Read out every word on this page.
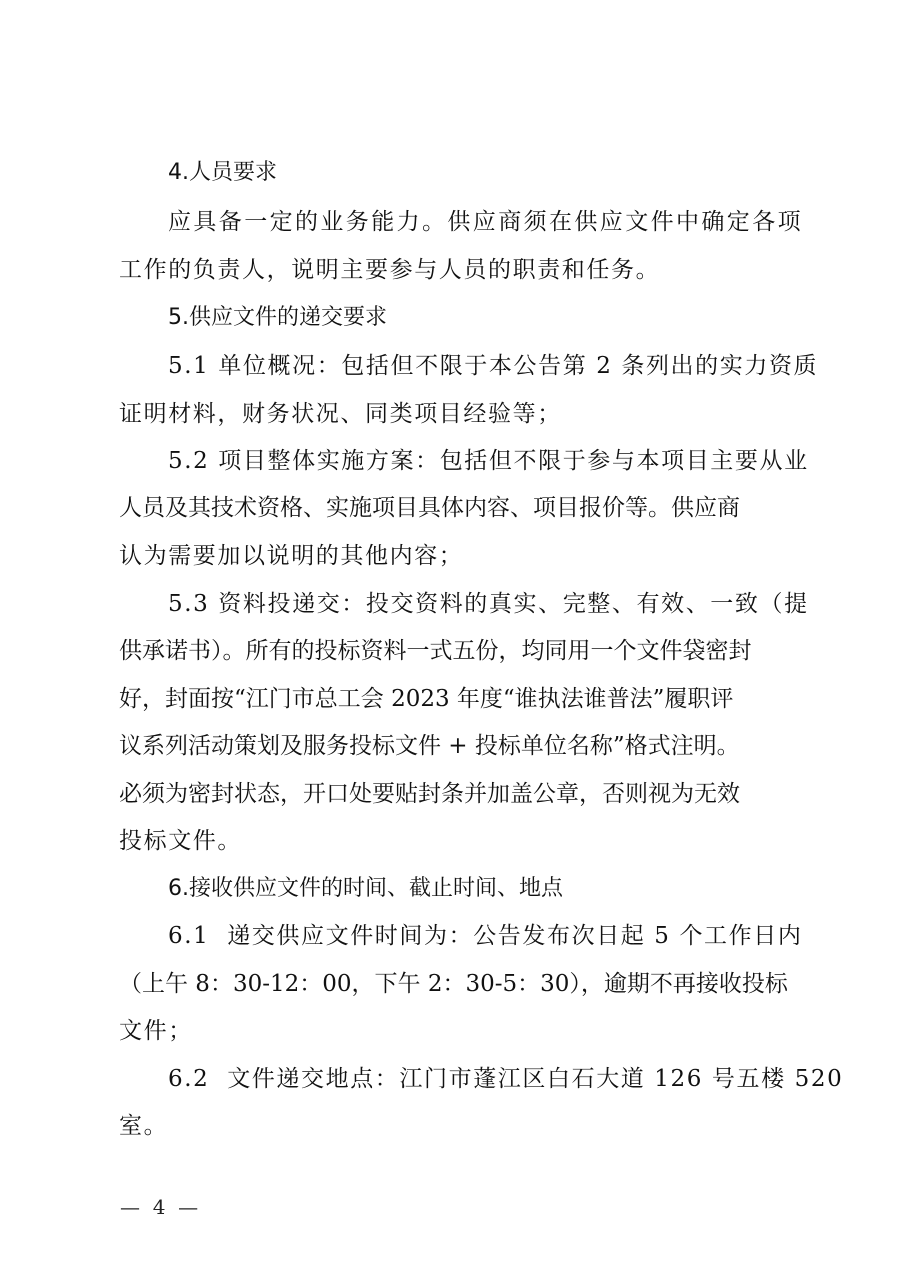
4.人员要求
应具备一定的业务能力。供应商须在供应文件中确定各项
工作的负责人，说明主要参与人员的职责和任务。
5.供应文件的递交要求
5.1 单位概况：包括但不限于本公告第 2 条列出的实力资质
证明材料，财务状况、同类项目经验等；
5.2 项目整体实施方案：包括但不限于参与本项目主要从业
人员及其技术资格、实施项目具体内容、项目报价等。供应商
认为需要加以说明的其他内容；
5.3 资料投递交：投交资料的真实、完整、有效、一致（提
供承诺书）。所有的投标资料一式五份，均同用一个文件袋密封
好，封面按“江门市总工会 2023 年度“谁执法谁普法”履职评
议系列活动策划及服务投标文件 + 投标单位名称”格式注明。
必须为密封状态，开口处要贴封条并加盖公章，否则视为无效
投标文件。
6.接收供应文件的时间、截止时间、地点
6.1  递交供应文件时间为：公告发布次日起 5 个工作日内
（上午 8：30-12：00，下午 2：30-5：30），逾期不再接收投标
文件；
6.2  文件递交地点：江门市蓬江区白石大道 126 号五楼 520
室。
—  4  —
